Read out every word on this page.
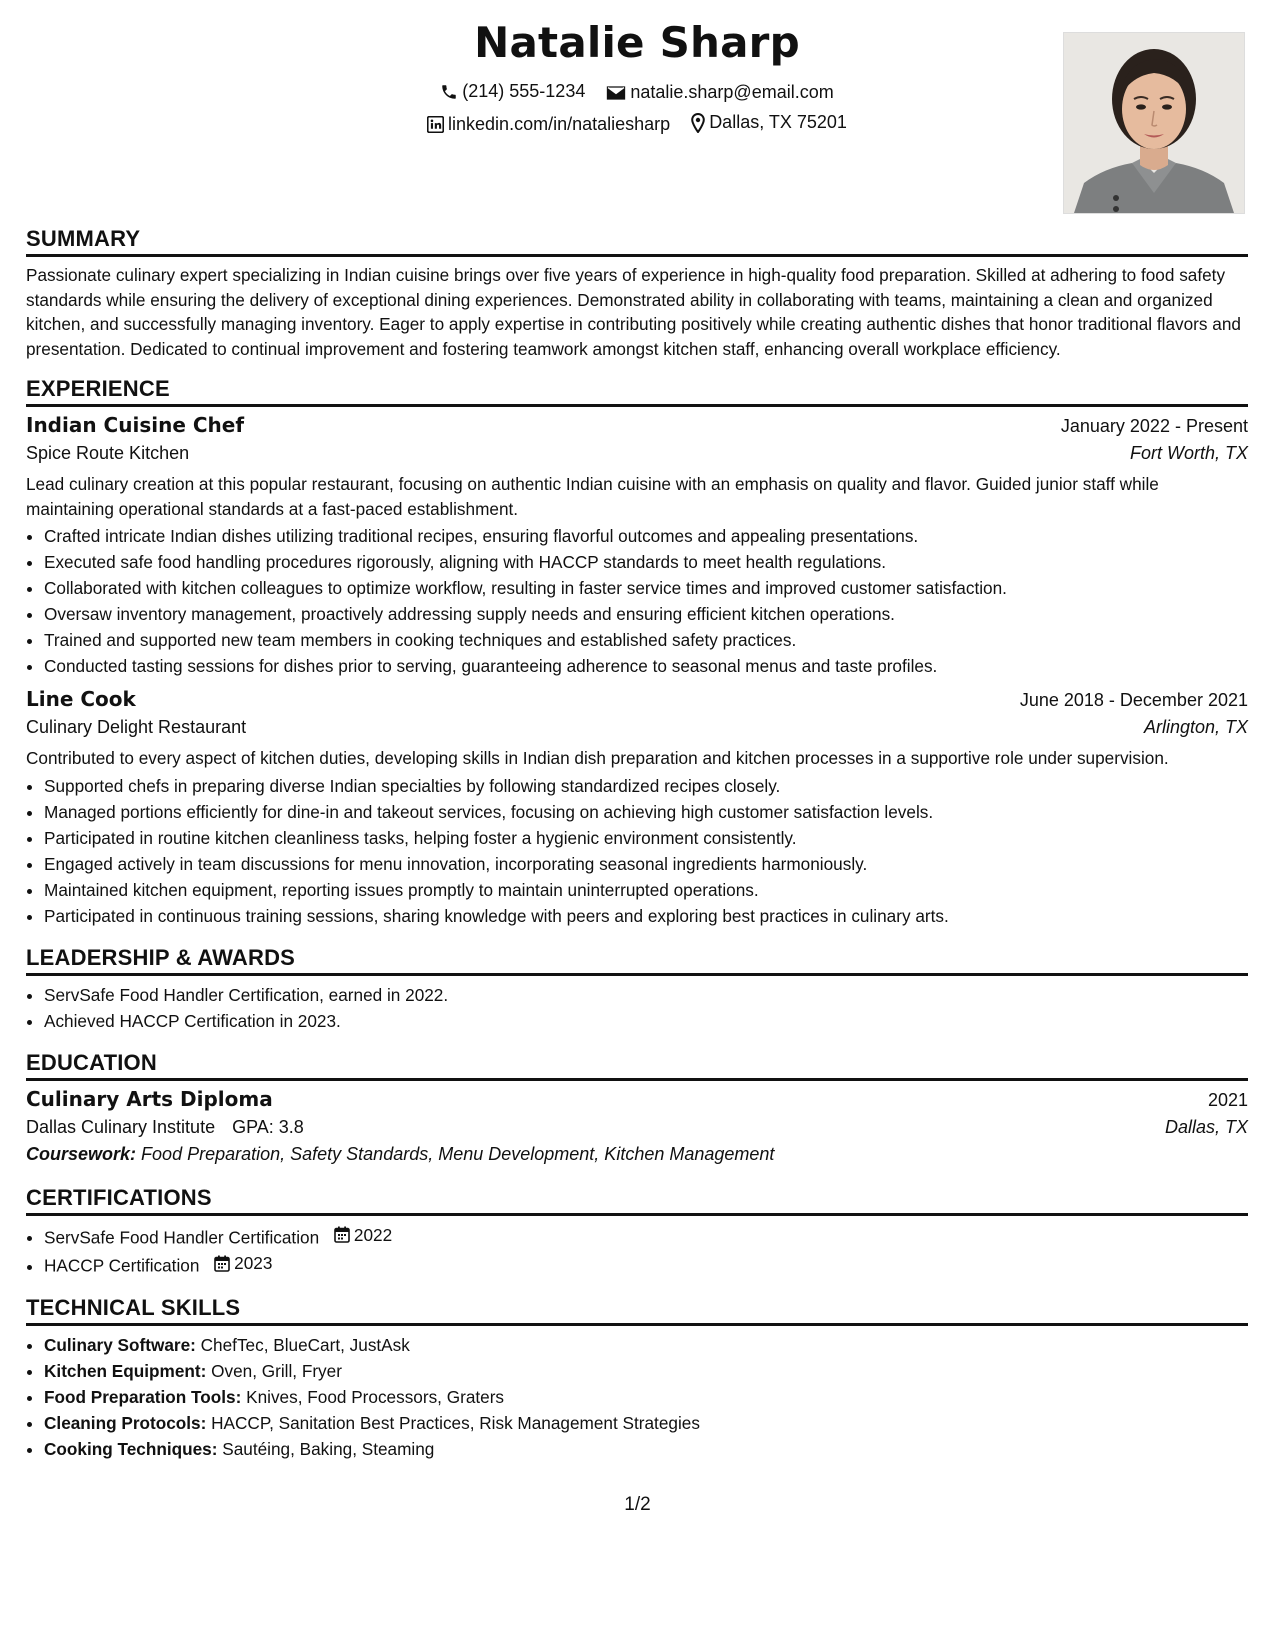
Natalie Sharp
(214) 555-1234
	natalie.sharp@email.com
linkedin.com/in/nataliesharp
Dallas, TX 75201
SUMMARY

Passionate culinary expert specializing in Indian cuisine brings over five years of experience in high-quality food preparation. Skilled at adhering to food safety standards while ensuring the delivery of exceptional dining experiences. Demonstrated ability in collaborating with teams, maintaining a clean and organized kitchen, and successfully managing inventory. Eager to apply expertise in contributing positively while creating authentic dishes that honor traditional flavors and presentation. Dedicated to continual improvement and fostering teamwork amongst kitchen staff, enhancing overall workplace efficiency.

EXPERIENCE
Indian Cuisine Chef	January 2022 - Present
Spice Route Kitchen	Fort Worth, TX

Lead culinary creation at this popular restaurant, focusing on authentic Indian cuisine with an emphasis on quality and flavor. Guided junior staff while maintaining operational standards at a fast-paced establishment.

• Crafted intricate Indian dishes utilizing traditional recipes, ensuring flavorful outcomes and appealing presentations.
• Executed safe food handling procedures rigorously, aligning with HACCP standards to meet health regulations.
• Collaborated with kitchen colleagues to optimize workflow, resulting in faster service times and improved customer satisfaction.
• Oversaw inventory management, proactively addressing supply needs and ensuring efficient kitchen operations.
• Trained and supported new team members in cooking techniques and established safety practices.
• Conducted tasting sessions for dishes prior to serving, guaranteeing adherence to seasonal menus and taste profiles.
Line Cook	June 2018 - December 2021
Culinary Delight Restaurant	Arlington, TX

Contributed to every aspect of kitchen duties, developing skills in Indian dish preparation and kitchen processes in a supportive role under supervision.

• Supported chefs in preparing diverse Indian specialties by following standardized recipes closely.
• Managed portions efficiently for dine-in and takeout services, focusing on achieving high customer satisfaction levels.
• Participated in routine kitchen cleanliness tasks, helping foster a hygienic environment consistently.
• Engaged actively in team discussions for menu innovation, incorporating seasonal ingredients harmoniously.
• Maintained kitchen equipment, reporting issues promptly to maintain uninterrupted operations.
• Participated in continuous training sessions, sharing knowledge with peers and exploring best practices in culinary arts.
LEADERSHIP & AWARDS
• ServSafe Food Handler Certification, earned in 2022.
• Achieved HACCP Certification in 2023.
EDUCATION
Culinary Arts Diploma	2021
Dallas Culinary Institute GPA: 3.8	Dallas, TX
Coursework: Food Preparation, Safety Standards, Menu Development, Kitchen Management
CERTIFICATIONS
• ServSafe Food Handler Certification 2022
• HACCP Certification 2023
TECHNICAL SKILLS
• Culinary Software: ChefTec, BlueCart, JustAsk
• Kitchen Equipment: Oven, Grill, Fryer
• Food Preparation Tools: Knives, Food Processors, Graters
• Cleaning Protocols: HACCP, Sanitation Best Practices, Risk Management Strategies
• Cooking Techniques: Sautéing, Baking, Steaming
1/2
